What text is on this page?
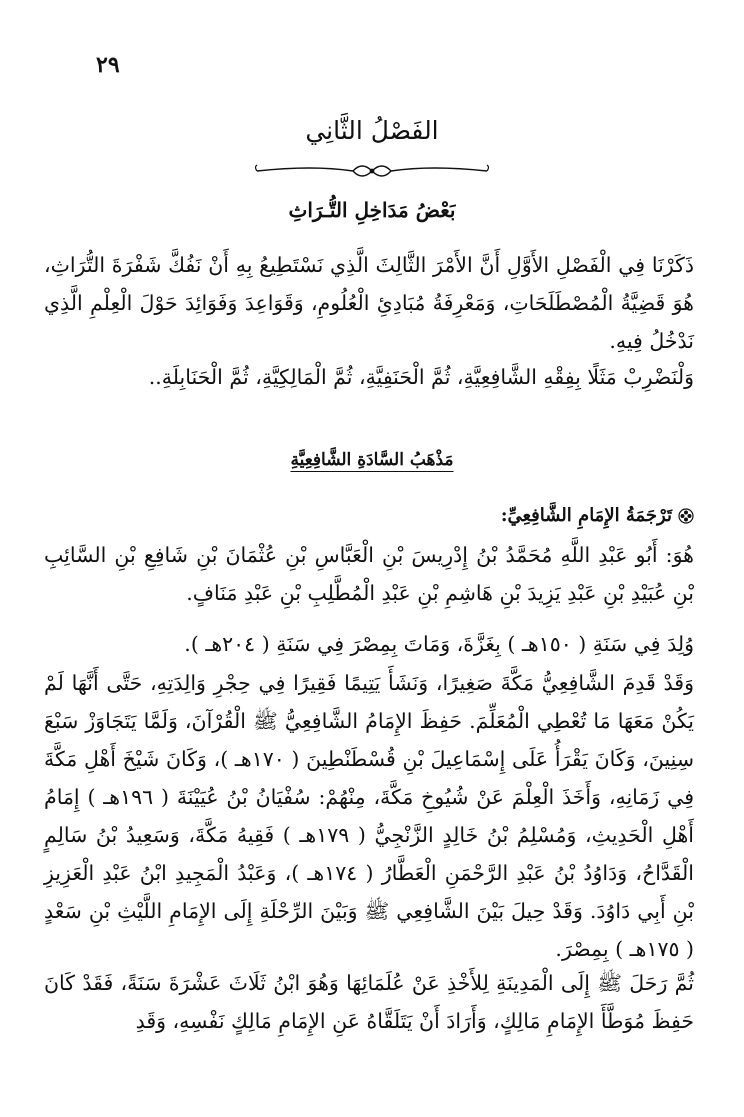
٢٩
الفَصْلُ الثَّانِي
بَعْضُ مَدَاخِلِ التُّـرَاثِ

ذَكَرْنَا فِي الْفَصْلِ الأَوَّلِ أَنَّ الأَمْرَ الثَّالِثَ الَّذِي نَسْتَطِيعُ بِهِ أَنْ نَفُكَّ شَفْرَةَ التُّرَاثِ، هُوَ قَضِيَّةُ الْمُصْطَلَحَاتِ، وَمَعْرِفَةُ مُبَادِئِ الْعُلُومِ، وَقَوَاعِدَ وَفَوَائِدَ حَوْلَ الْعِلْمِ الَّذِي نَدْخُلُ فِيهِ.

وَلْنَضْرِبْ مَثَلًا بِفِقْهِ الشَّافِعِيَّةِ، ثُمَّ الْحَنَفِيَّةِ، ثُمَّ الْمَالِكِيَّةِ، ثُمَّ الْحَنَابِلَةِ..

مَذْهَبُ السَّادَةِ الشَّافِعِيَّةِ
تَرْجَمَةُ الإِمَامِ الشَّافِعِيِّ:

هُوَ: أَبُو عَبْدِ اللَّهِ مُحَمَّدُ بْنُ إِدْرِيسَ بْنِ الْعَبَّاسِ بْنِ عُثْمَانَ بْنِ شَافِعِ بْنِ السَّائِبِ بْنِ عُبَيْدِ بْنِ عَبْدِ يَزِيدَ بْنِ هَاشِمِ بْنِ عَبْدِ الْمُطَّلِبِ بْنِ عَبْدِ مَنَافٍ.

وُلِدَ فِي سَنَةِ ( ١٥٠هـ ) بِغَزَّةَ، وَمَاتَ بِمِصْرَ فِي سَنَةِ ( ٢٠٤هـ ).

وَقَدْ قَدِمَ الشَّافِعِيُّ مَكَّةَ صَغِيرًا، وَنَشَأَ يَتِيمًا فَقِيرًا فِي حِجْرِ وَالِدَتِهِ، حَتَّى أَنَّهَا لَمْ يَكُنْ مَعَهَا مَا تُعْطِي الْمُعَلِّمَ. حَفِظَ الإِمَامُ الشَّافِعِيُّ ﷺ الْقُرْآنَ، وَلَمَّا يَتَجَاوَزْ سَبْعَ سِنِينَ، وَكَانَ يَقْرَأُ عَلَى إِسْمَاعِيلَ بْنِ قُسْطَنْطِينَ ( ١٧٠هـ )، وَكَانَ شَيْخَ أَهْلِ مَكَّةَ فِي زَمَانِهِ، وَأَخَذَ الْعِلْمَ عَنْ شُيُوخِ مَكَّةَ، مِنْهُمْ: سُفْيَانُ بْنُ عُيَيْنَةَ ( ١٩٦هـ ) إِمَامُ أَهْلِ الْحَدِيثِ، وَمُسْلِمُ بْنُ خَالِدٍ الزَّنْجِيُّ ( ١٧٩هـ ) فَقِيهُ مَكَّةَ، وَسَعِيدُ بْنُ سَالِمٍ الْقَدَّاحُ، وَدَاوُدُ بْنُ عَبْدِ الرَّحْمَنِ الْعَطَّارُ ( ١٧٤هـ )، وَعَبْدُ الْمَجِيدِ ابْنُ عَبْدِ الْعَزِيزِ بْنِ أَبِي دَاوُدَ. وَقَدْ حِيلَ بَيْنَ الشَّافِعِي ﷺ وَبَيْنَ الرِّحْلَةِ إِلَى الإِمَامِ اللَّيْثِ بْنِ سَعْدٍ ( ١٧٥هـ ) بِمِصْرَ.

ثُمَّ رَحَلَ ﷺ إِلَى الْمَدِينَةِ لِلأَخْذِ عَنْ عُلَمَائِهَا وَهُوَ ابْنُ ثَلَاثَ عَشْرَةَ سَنَةً، فَقَدْ كَانَ حَفِظَ مُوَطَّأَ الإِمَامِ مَالِكٍ، وَأَرَادَ أَنْ يَتَلَقَّاهُ عَنِ الإِمَامِ مَالِكٍ نَفْسِهِ، وَقَدِ
